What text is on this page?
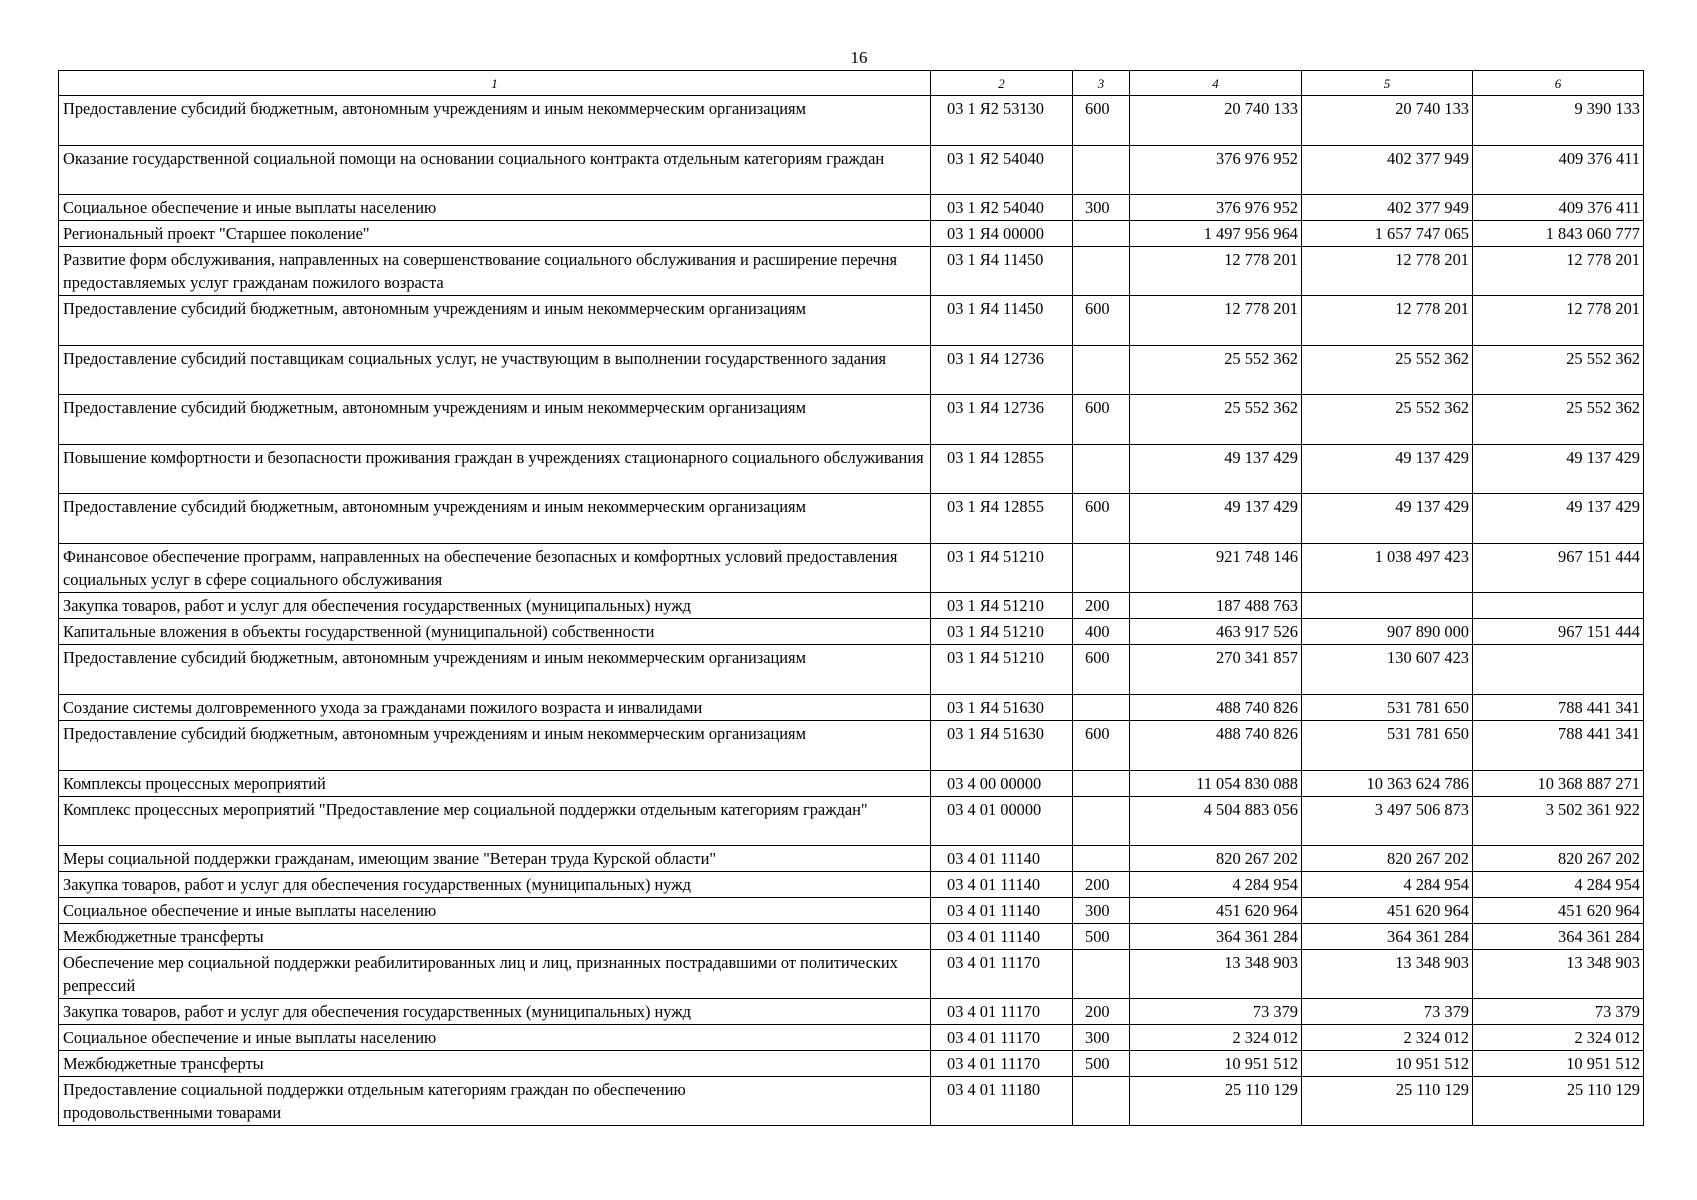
16
1	2	3	4	5	6
Предоставление субсидий бюджетным, автономным учреждениям и иным некоммерческим организациям	03 1 Я2 53130	600	20 740 133	20 740 133	9 390 133
Оказание государственной социальной помощи на основании социального контракта отдельным категориям граждан	03 1 Я2 54040		376 976 952	402 377 949	409 376 411
Социальное обеспечение и иные выплаты населению	03 1 Я2 54040	300	376 976 952	402 377 949	409 376 411
Региональный проект "Старшее поколение"	03 1 Я4 00000		1 497 956 964	1 657 747 065	1 843 060 777
Развитие форм обслуживания, направленных на совершенствование социального обслуживания и расширение перечня предоставляемых услуг гражданам пожилого возраста	03 1 Я4 11450		12 778 201	12 778 201	12 778 201
Предоставление субсидий бюджетным, автономным учреждениям и иным некоммерческим организациям	03 1 Я4 11450	600	12 778 201	12 778 201	12 778 201
Предоставление субсидий поставщикам социальных услуг, не участвующим в выполнении государственного задания	03 1 Я4 12736		25 552 362	25 552 362	25 552 362
Предоставление субсидий бюджетным, автономным учреждениям и иным некоммерческим организациям	03 1 Я4 12736	600	25 552 362	25 552 362	25 552 362
Повышение комфортности и безопасности проживания граждан в учреждениях стационарного социального обслуживания	03 1 Я4 12855		49 137 429	49 137 429	49 137 429
Предоставление субсидий бюджетным, автономным учреждениям и иным некоммерческим организациям	03 1 Я4 12855	600	49 137 429	49 137 429	49 137 429
Финансовое обеспечение программ, направленных на обеспечение безопасных и комфортных условий предоставления социальных услуг в сфере социального обслуживания	03 1 Я4 51210		921 748 146	1 038 497 423	967 151 444
Закупка товаров, работ и услуг для обеспечения государственных (муниципальных) нужд	03 1 Я4 51210	200	187 488 763		
Капитальные вложения в объекты государственной (муниципальной) собственности	03 1 Я4 51210	400	463 917 526	907 890 000	967 151 444
Предоставление субсидий бюджетным, автономным учреждениям и иным некоммерческим организациям	03 1 Я4 51210	600	270 341 857	130 607 423	
Создание системы долговременного ухода за гражданами пожилого возраста и инвалидами	03 1 Я4 51630		488 740 826	531 781 650	788 441 341
Предоставление субсидий бюджетным, автономным учреждениям и иным некоммерческим организациям	03 1 Я4 51630	600	488 740 826	531 781 650	788 441 341
Комплексы процессных мероприятий	03 4 00 00000		11 054 830 088	10 363 624 786	10 368 887 271
Комплекс процессных мероприятий "Предоставление мер социальной поддержки отдельным категориям граждан"	03 4 01 00000		4 504 883 056	3 497 506 873	3 502 361 922
Меры социальной поддержки гражданам, имеющим звание "Ветеран труда Курской области"	03 4 01 11140		820 267 202	820 267 202	820 267 202
Закупка товаров, работ и услуг для обеспечения государственных (муниципальных) нужд	03 4 01 11140	200	4 284 954	4 284 954	4 284 954
Социальное обеспечение и иные выплаты населению	03 4 01 11140	300	451 620 964	451 620 964	451 620 964
Межбюджетные трансферты	03 4 01 11140	500	364 361 284	364 361 284	364 361 284
Обеспечение мер социальной поддержки реабилитированных лиц и лиц, признанных пострадавшими от политических репрессий	03 4 01 11170		13 348 903	13 348 903	13 348 903
Закупка товаров, работ и услуг для обеспечения государственных (муниципальных) нужд	03 4 01 11170	200	73 379	73 379	73 379
Социальное обеспечение и иные выплаты населению	03 4 01 11170	300	2 324 012	2 324 012	2 324 012
Межбюджетные трансферты	03 4 01 11170	500	10 951 512	10 951 512	10 951 512
Предоставление социальной поддержки отдельным категориям граждан по обеспечению продовольственными товарами	03 4 01 11180		25 110 129	25 110 129	25 110 129
